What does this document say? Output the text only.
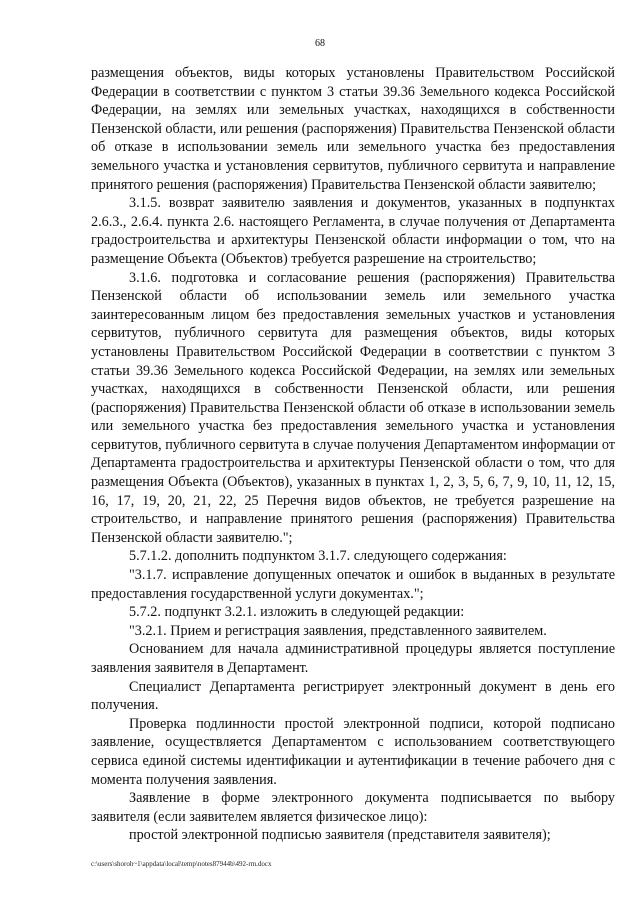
68

размещения объектов, виды которых установлены Правительством Российской Федерации в соответствии с пунктом 3 статьи 39.36 Земельного кодекса Российской Федерации, на землях или земельных участках, находящихся в собственности Пензенской области, или решения (распоряжения) Правительства Пензенской области об отказе в использовании земель или земельного участка без предоставления земельного участка и установления сервитутов, публичного сервитута и направление принятого решения (распоряжения) Правительства Пензенской области заявителю;

3.1.5. возврат заявителю заявления и документов, указанных в подпунктах 2.6.3., 2.6.4. пункта 2.6. настоящего Регламента, в случае получения от Департамента градостроительства и архитектуры Пензенской области информации о том, что на размещение Объекта (Объектов) требуется разрешение на строительство;

3.1.6. подготовка и согласование решения (распоряжения) Правительства Пензенской области об использовании земель или земельного участка заинтересованным лицом без предоставления земельных участков и установления сервитутов, публичного сервитута для размещения объектов, виды которых установлены Правительством Российской Федерации в соответствии с пунктом 3 статьи 39.36 Земельного кодекса Российской Федерации, на землях или земельных участках, находящихся в собственности Пензенской области, или решения (распоряжения) Правительства Пензенской области об отказе в использовании земель или земельного участка без предоставления земельного участка и установления сервитутов, публичного сервитута в случае получения Департаментом информации от Департамента градостроительства и архитектуры Пензенской области о том, что для размещения Объекта (Объектов), указанных в пунктах 1, 2, 3, 5, 6, 7, 9, 10, 11, 12, 15, 16, 17, 19, 20, 21, 22, 25 Перечня видов объектов, не требуется разрешение на строительство, и направление принятого решения (распоряжения) Правительства Пензенской области заявителю.";

5.7.1.2. дополнить подпунктом 3.1.7. следующего содержания:

"3.1.7. исправление допущенных опечаток и ошибок в выданных в результате предоставления государственной услуги документах.";

5.7.2. подпункт 3.2.1. изложить в следующей редакции:

"3.2.1. Прием и регистрация заявления, представленного заявителем.

Основанием для начала административной процедуры является поступление заявления заявителя в Департамент.

Специалист Департамента регистрирует электронный документ в день его получения.

Проверка подлинности простой электронной подписи, которой подписано заявление, осуществляется Департаментом с использованием соответствующего сервиса единой системы идентификации и аутентификации в течение рабочего дня с момента получения заявления.

Заявление в форме электронного документа подписывается по выбору заявителя (если заявителем является физическое лицо):

простой электронной подписью заявителя (представителя заявителя);

c:\users\shoroh~1\appdata\local\temp\notes87944b\492-rm.docx
